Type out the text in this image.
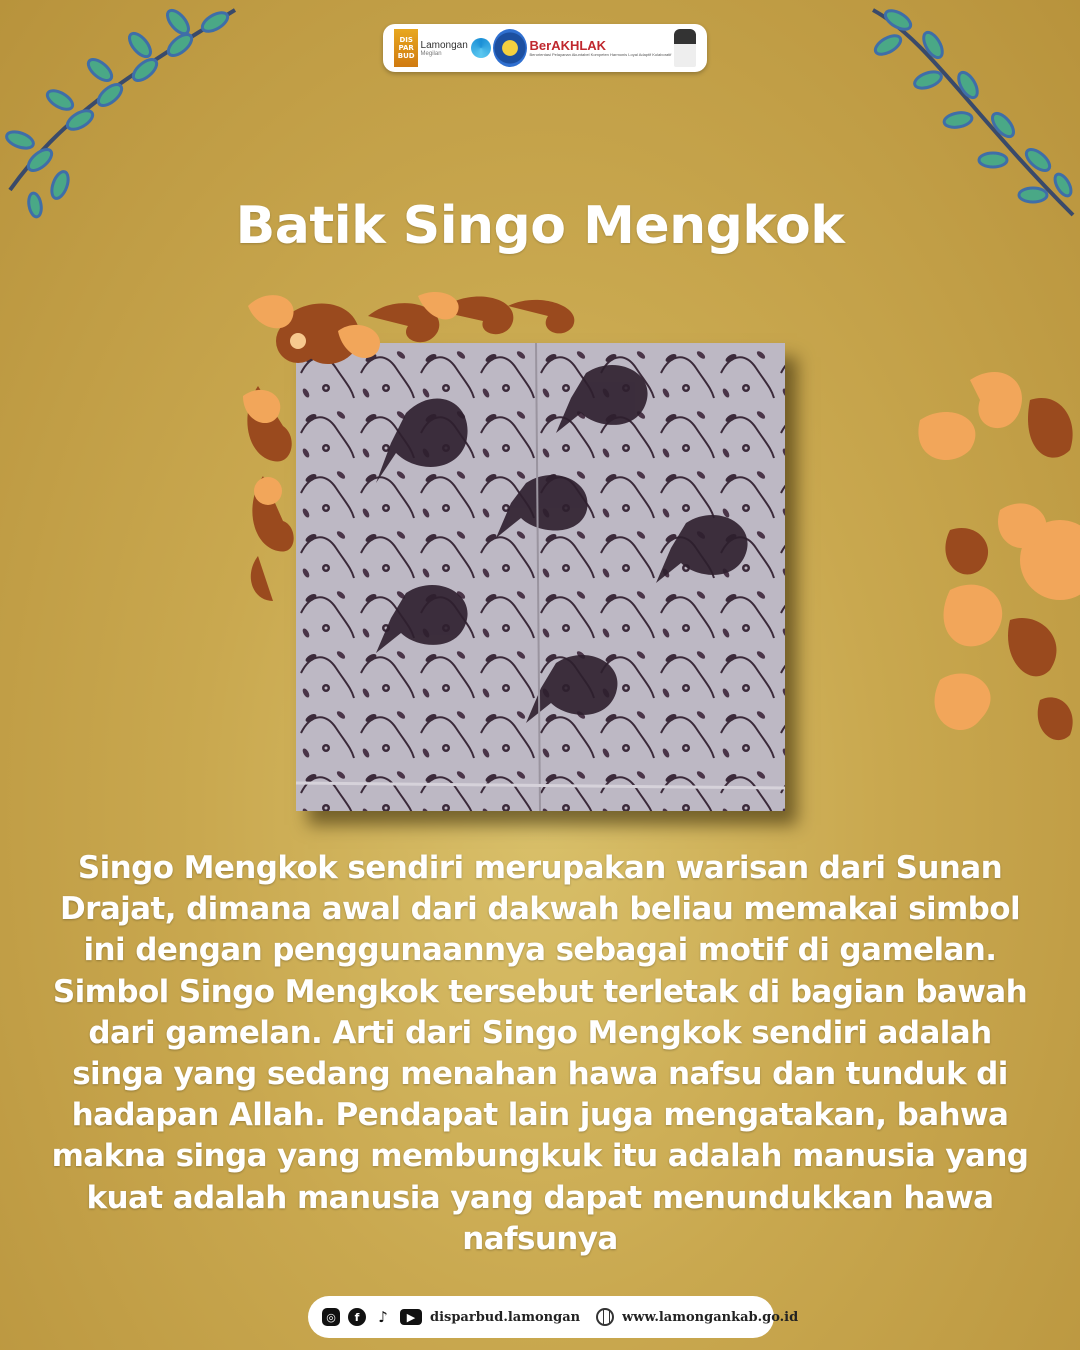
DIS PAR BUD
Lamongan
Megilan
BerAKHLAK
Berorientasi Pelayanan Akuntabel Kompeten Harmonis Loyal Adaptif Kolaboratif
Batik Singo Mengkok
Singo Mengkok sendiri merupakan warisan dari Sunan Drajat, dimana awal dari dakwah beliau memakai simbol ini dengan penggunaannya sebagai motif di gamelan. Simbol Singo Mengkok tersebut terletak di bagian bawah dari gamelan. Arti dari Singo Mengkok sendiri adalah singa yang sedang menahan hawa nafsu dan tunduk di hadapan Allah. Pendapat lain juga mengatakan, bahwa makna singa yang membungkuk itu adalah manusia yang kuat adalah manusia yang dapat menundukkan hawa nafsunya
◎	f	♪	▶	disparbud.lamongan	www.lamongankab.go.id
